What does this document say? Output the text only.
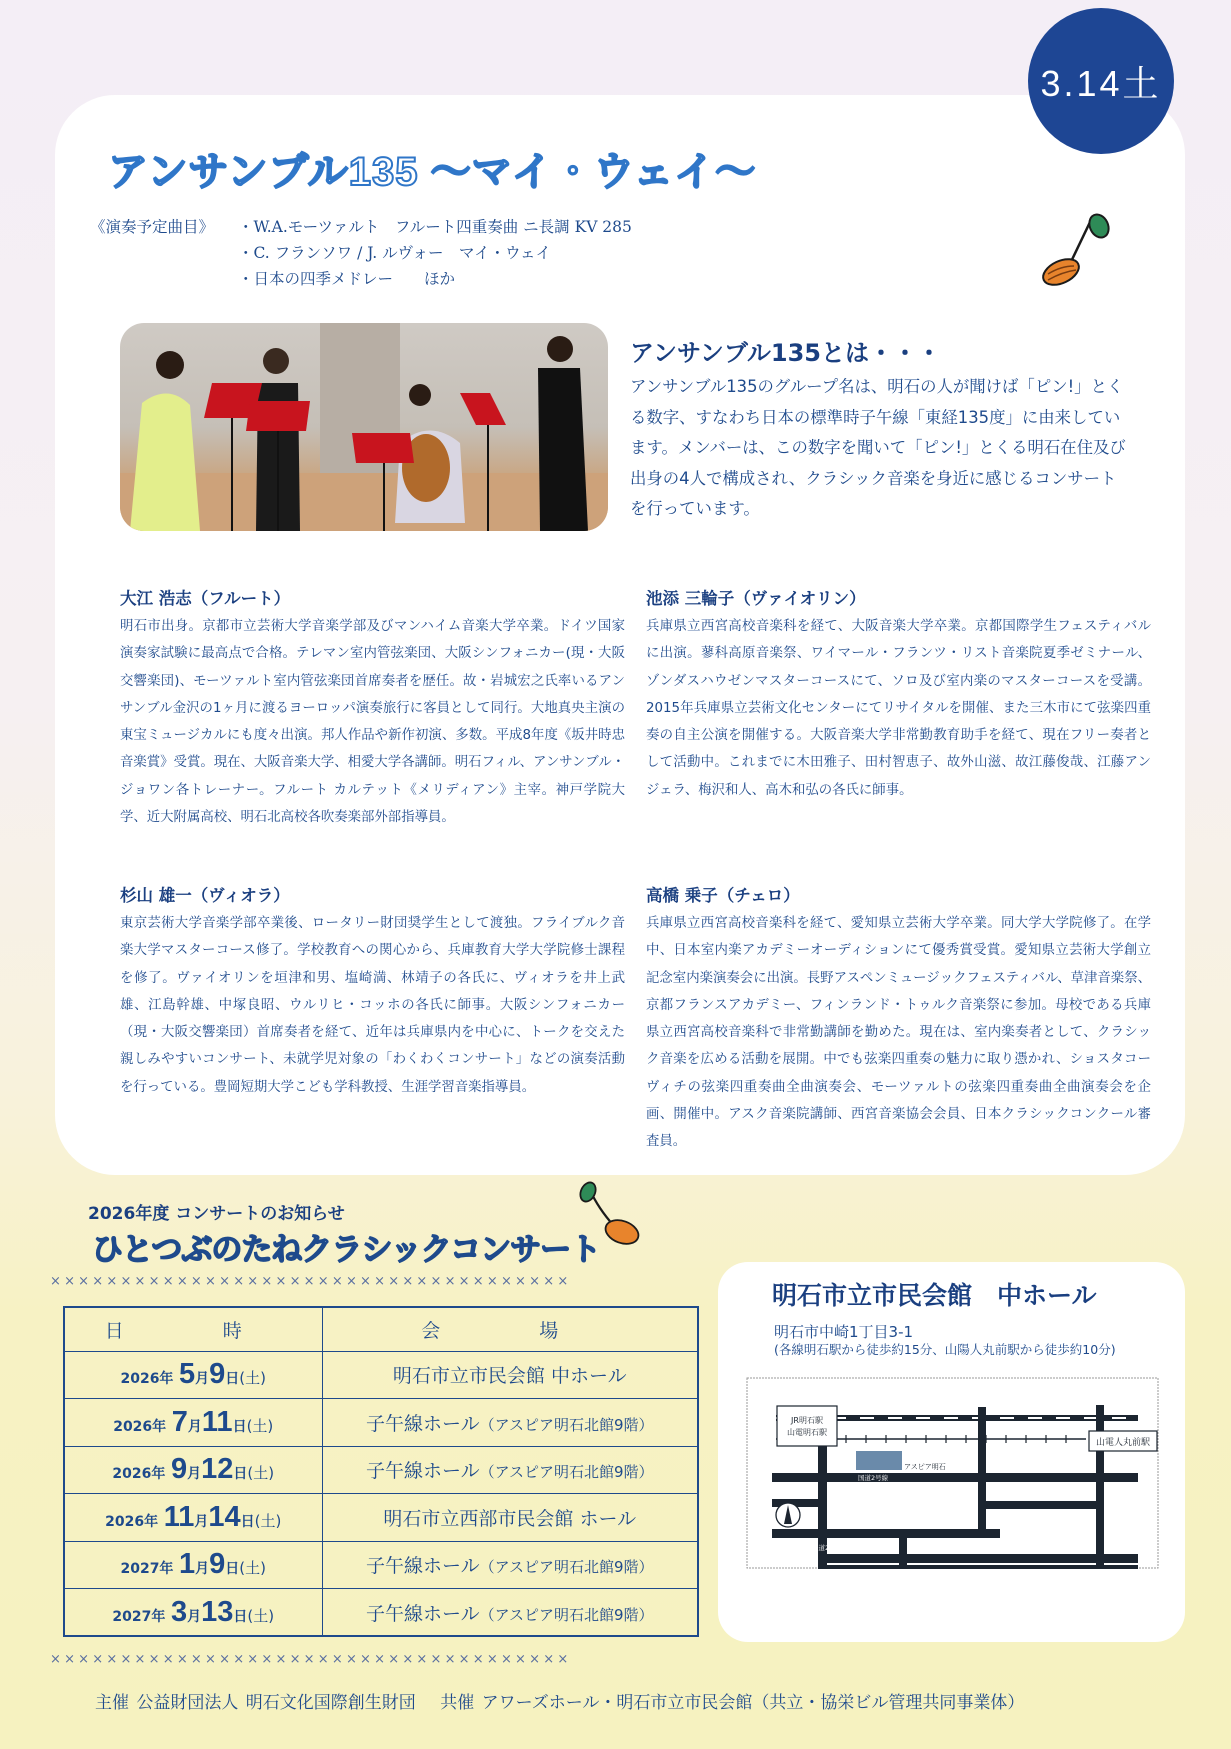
3.14土
アンサンブル135 〜マイ・ウェイ〜
《演奏予定曲目》 ・W.A.モーツァルト　フルート四重奏曲 ニ長調 KV 285
・C. フランソワ / J. ルヴォー　マイ・ウェイ
・日本の四季メドレー　　ほか
アンサンブル135とは・・・

アンサンブル135のグループ名は、明石の人が聞けば「ピン!」とくる数字、すなわち日本の標準時子午線「東経135度」に由来しています。メンバーは、この数字を聞いて「ピン!」とくる明石在住及び出身の4人で構成され、クラシック音楽を身近に感じるコンサートを行っています。

大江 浩志（フルート）

明石市出身。京都市立芸術大学音楽学部及びマンハイム音楽大学卒業。ドイツ国家演奏家試験に最高点で合格。テレマン室内管弦楽団、大阪シンフォニカー(現・大阪交響楽団)、モーツァルト室内管弦楽団首席奏者を歴任。故・岩城宏之氏率いるアンサンブル金沢の1ヶ月に渡るヨーロッパ演奏旅行に客員として同行。大地真央主演の東宝ミュージカルにも度々出演。邦人作品や新作初演、多数。平成8年度《坂井時忠音楽賞》受賞。現在、大阪音楽大学、相愛大学各講師。明石フィル、アンサンブル・ジョワン各トレーナー。フルート カルテット《メリディアン》主宰。神戸学院大学、近大附属高校、明石北高校各吹奏楽部外部指導員。

池添 三輪子（ヴァイオリン）

兵庫県立西宮高校音楽科を経て、大阪音楽大学卒業。京都国際学生フェスティバルに出演。蓼科高原音楽祭、ワイマール・フランツ・リスト音楽院夏季ゼミナール、ゾンダスハウゼンマスターコースにて、ソロ及び室内楽のマスターコースを受講。2015年兵庫県立芸術文化センターにてリサイタルを開催、また三木市にて弦楽四重奏の自主公演を開催する。大阪音楽大学非常勤教育助手を経て、現在フリー奏者として活動中。これまでに木田雅子、田村智恵子、故外山滋、故江藤俊哉、江藤アンジェラ、梅沢和人、高木和弘の各氏に師事。

杉山 雄一（ヴィオラ）

東京芸術大学音楽学部卒業後、ロータリー財団奨学生として渡独。フライブルク音楽大学マスターコース修了。学校教育への関心から、兵庫教育大学大学院修士課程を修了。ヴァイオリンを垣津和男、塩崎満、林靖子の各氏に、ヴィオラを井上武雄、江島幹雄、中塚良昭、ウルリヒ・コッホの各氏に師事。大阪シンフォニカー（現・大阪交響楽団）首席奏者を経て、近年は兵庫県内を中心に、トークを交えた親しみやすいコンサート、未就学児対象の「わくわくコンサート」などの演奏活動を行っている。豊岡短期大学こども学科教授、生涯学習音楽指導員。

高橋 乗子（チェロ）

兵庫県立西宮高校音楽科を経て、愛知県立芸術大学卒業。同大学大学院修了。在学中、日本室内楽アカデミーオーディションにて優秀賞受賞。愛知県立芸術大学創立記念室内楽演奏会に出演。長野アスペンミュージックフェスティバル、草津音楽祭、京都フランスアカデミー、フィンランド・トゥルク音楽祭に参加。母校である兵庫県立西宮高校音楽科で非常勤講師を勤めた。現在は、室内楽奏者として、クラシック音楽を広める活動を展開。中でも弦楽四重奏の魅力に取り憑かれ、ショスタコーヴィチの弦楽四重奏曲全曲演奏会、モーツァルトの弦楽四重奏曲全曲演奏会を企画、開催中。アスク音楽院講師、西宮音楽協会会員、日本クラシックコンクール審査員。

2026年度 コンサートのお知らせ
ひとつぶのたねクラシックコンサート
×××××××××××××××××××××××××××××××××××××
日　時	会　場
2026年 5月9日(土)	明石市立市民会館 中ホール
2026年 7月11日(土)	子午線ホール（アスピア明石北館9階）
2026年 9月12日(土)	子午線ホール（アスピア明石北館9階）
2026年 11月14日(土)	明石市立西部市民会館 ホール
2027年 1月9日(土)	子午線ホール（アスピア明石北館9階）
2027年 3月13日(土)	子午線ホール（アスピア明石北館9階）
×××××××××××××××××××××××××××××××××××××
明石市立市民会館　中ホール
明石市中崎1丁目3-1
(各線明石駅から徒歩約15分、山陽人丸前駅から徒歩約10分)
アスピア明石
JR明石駅
山電明石駅
山電人丸前駅
国道2号線
国道28号線
主催 公益財団法人 明石文化国際創生財団　 共催 アワーズホール・明石市立市民会館（共立・協栄ビル管理共同事業体）
